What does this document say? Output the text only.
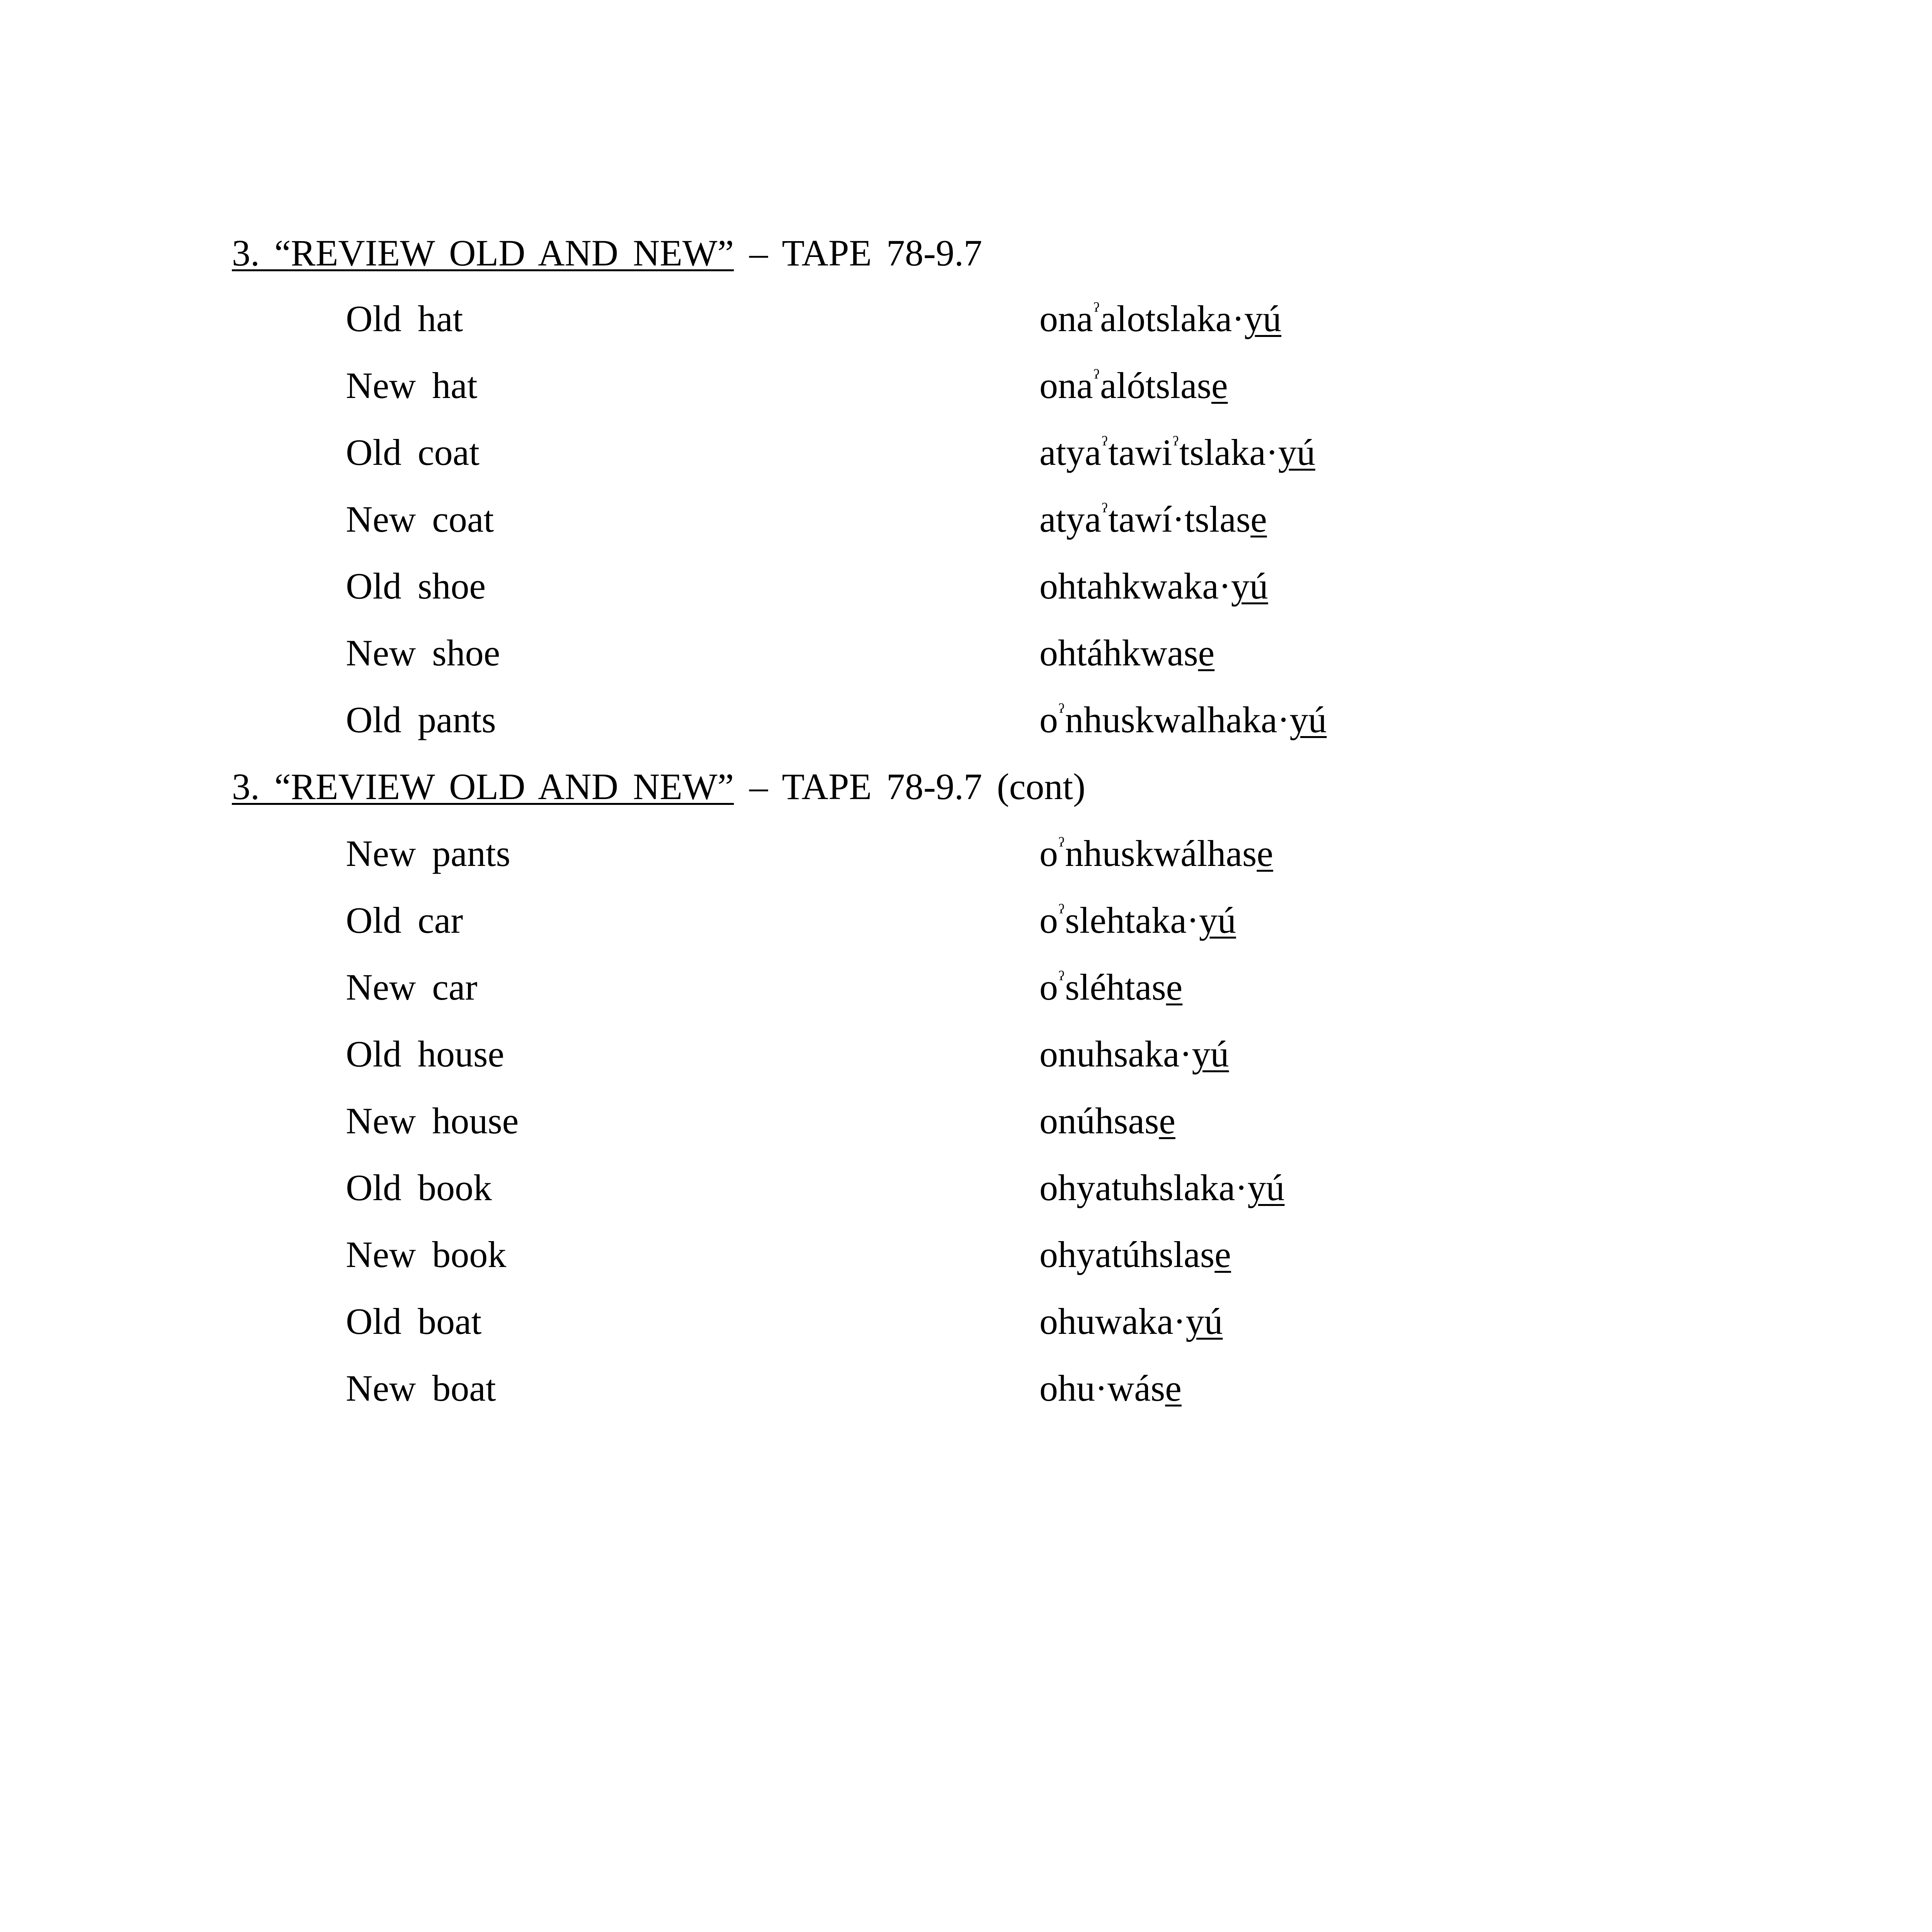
3. “REVIEW OLD AND NEW” – TAPE 78-9.7
Old hat	ona$^ˀ$alotslaka·yú
New hat	ona$^ˀ$alótslase
Old coat	atya$^ˀ$tawi$^ˀ$tslaka·yú
New coat	atya$^ˀ$tawí·tslase
Old shoe	ohtahkwaka·yú
New shoe	ohtáhkwase
Old pants	$o^ˀnhuskwalhaka\cdot yú$
3. “REVIEW OLD AND NEW” – TAPE 78-9.7 (cont)
New pants	$o^ˀnhuskwálhase$
Old car	$o^ˀslehtaka\cdot yú$
New car	$o^ˀsléhtase$
Old house	onuhsaka·yú
New house	onúhsase
Old book	ohyatuhslaka·yú
New book	ohyatúhslase
Old boat	ohuwaka·yú
New boat	ohu·wáse
